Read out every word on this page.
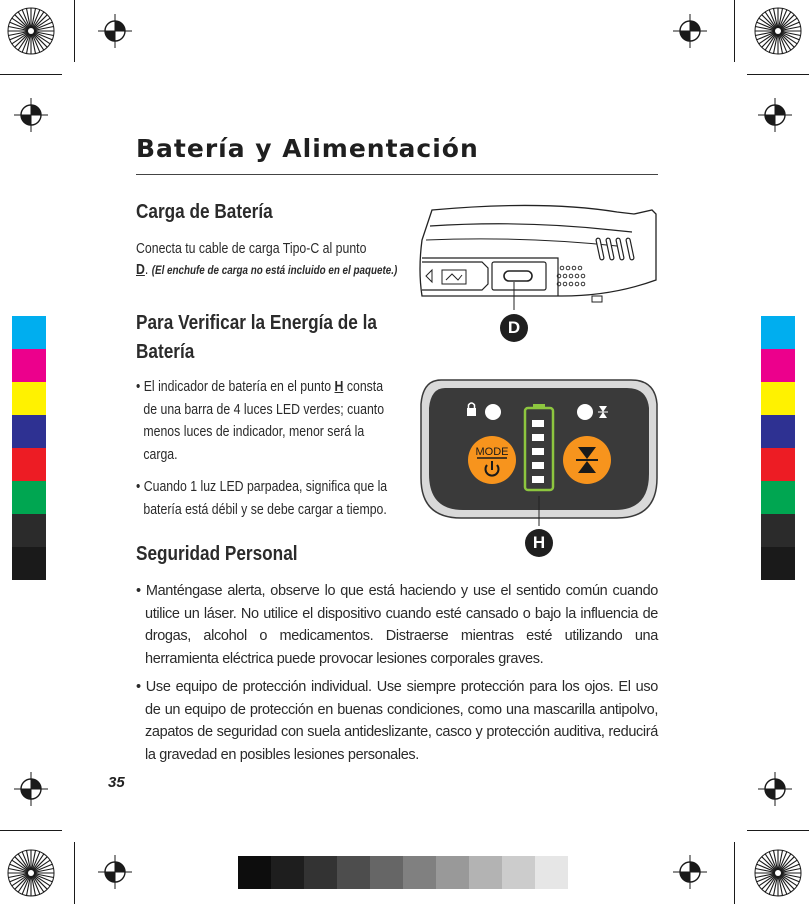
Batería y Alimentación
Carga de Batería
Conecta tu cable de carga Tipo-C al punto
D. (El enchufe de carga no está incluido en el paquete.)
D
Para Verificar la Energía de la
Batería
• El indicador de batería en el punto H consta
de una barra de 4 luces LED verdes; cuanto
menos luces de indicador, menor será la
carga.
• Cuando 1 luz LED parpadea, significa que la
batería está débil y se debe cargar a tiempo.
MODE
H
Seguridad Personal

• Manténgase alerta, observe lo que está haciendo y use el sentido común cuando utilice un láser. No utilice el dispositivo cuando esté cansado o bajo la influencia de drogas, alcohol o medicamentos. Distraerse mientras esté utilizando una herramienta eléctrica puede provocar lesiones corporales graves.

• Use equipo de protección individual. Use siempre protección para los ojos. El uso de un equipo de protección en buenas condiciones, como una mascarilla antipolvo, zapatos de seguridad con suela antideslizante, casco y protección auditiva, reducirá la gravedad en posibles lesiones personales.

35
